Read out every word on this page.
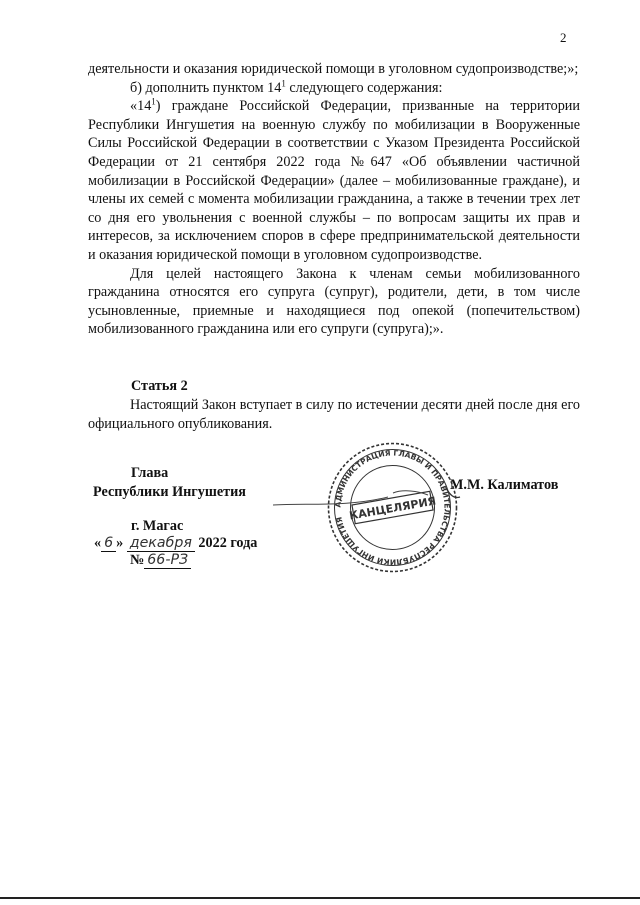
2

деятельности и оказания юридической помощи в уголовном судопроизводстве;»;

б) дополнить пунктом $14^1$ следующего содержания:

«$14^1$) граждане Российской Федерации, призванные на территории Республики Ингушетия на военную службу по мобилизации в Вооруженные Силы Российской Федерации в соответствии с Указом Президента Российской Федерации от 21 сентября 2022 года №647 «Об объявлении частичной мобилизации в Российской Федерации» (далее – мобилизованные граждане), и члены их семей с момента мобилизации гражданина, а также в течении трех лет со дня его увольнения с военной службы – по вопросам защиты их прав и интересов, за исключением споров в сфере предпринимательской деятельности и оказания юридической помощи в уголовном судопроизводстве.

Для целей настоящего Закона к членам семьи мобилизованного гражданина относятся его супруга (супруг), родители, дети, в том числе усыновленные, приемные и находящиеся под опекой (попечительством) мобилизованного гражданина или его супруги (супруга);».

Статья 2

Настоящий Закон вступает в силу по истечении десяти дней после дня его официального опубликования.

Глава
Республики Ингушетия	М.М. Калиматов
г. Магас
« 6 » декабря 2022 года
№ 66-РЗ
АДМИНИСТРАЦИЯ ГЛАВЫ И ПРАВИТЕЛЬСТВА РЕСПУБЛИКИ ИНГУШЕТИЯ КАНЦЕЛЯРИЯ
